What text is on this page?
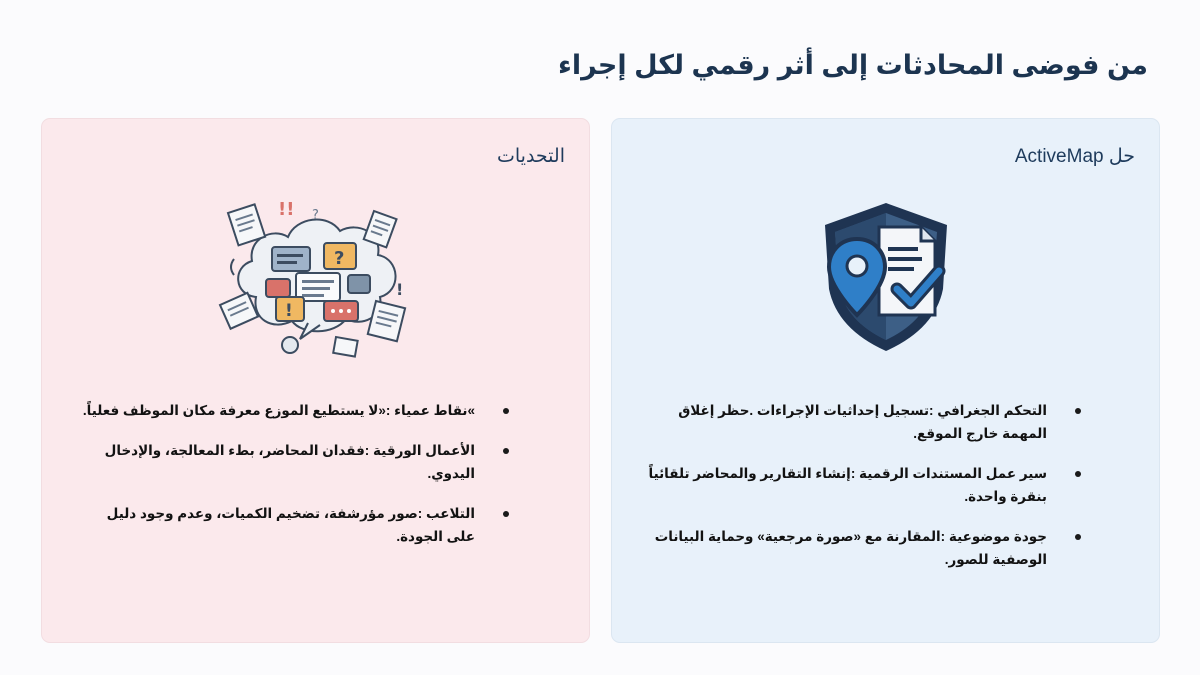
من فوضى المحادثات إلى أثر رقمي لكل إجراء
حل ActiveMap
التحكم الجغرافي :تسجيل إحداثيات الإجراءات .حظر إغلاق المهمة خارج الموقع.
سير عمل المستندات الرقمية :إنشاء التقارير والمحاضر تلقائياً بنقرة واحدة.
جودة موضوعية :المقارنة مع «صورة مرجعية» وحماية البيانات الوصفية للصور.
التحديات
?
!
!!
!
?
»نقاط عمياء :«لا يستطيع الموزع معرفة مكان الموظف فعلياً.
الأعمال الورقية :فقدان المحاضر، بطء المعالجة، والإدخال اليدوي.
التلاعب :صور مؤرشفة، تضخيم الكميات، وعدم وجود دليل على الجودة.
